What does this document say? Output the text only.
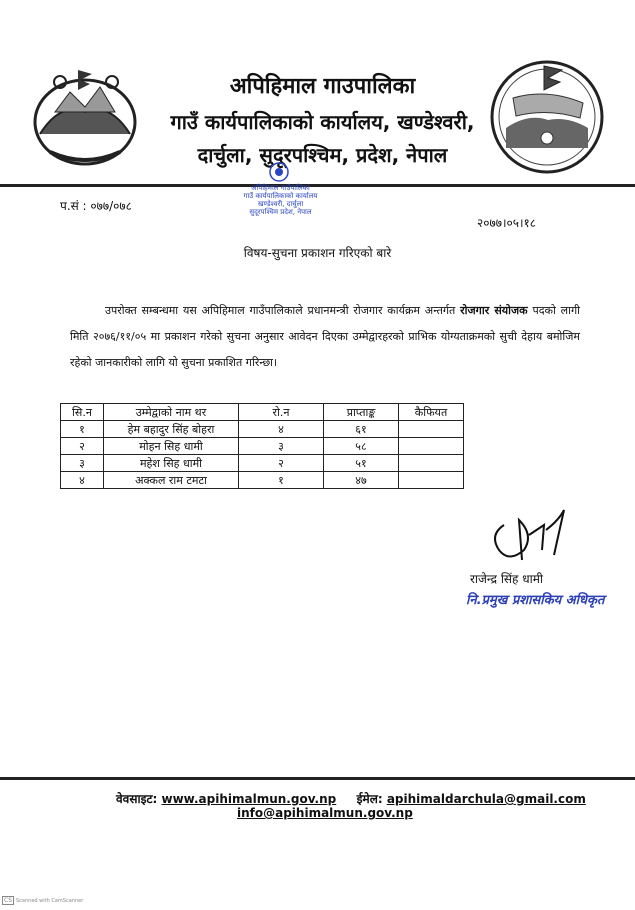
अपिहिमाल गाउपालिका
गाउँ कार्यपालिकाको कार्यालय, खण्डेश्वरी,
दार्चुला, सुदूरपश्चिम, प्रदेश, नेपाल
प.सं : ०७७/०७८
२०७७।०५।१८
अपिहिमाल गाउँपालिका
गाउँ कार्यपालिकाको कार्यालय
खण्डेश्वरी, दार्चुला
सुदूरपश्चिम प्रदेश, नेपाल
विषय-सुचना प्रकाशन गरिएको बारे
उपरोक्त सम्बन्धमा यस अपिहिमाल गाउँपालिकाले प्रधानमन्त्री रोजगार कार्यक्रम अन्तर्गत रोजगार संयोजक पदको लागी मिति २०७६/११/०५ मा प्रकाशन गरेको सुचना अनुसार आवेदन दिएका उम्मेद्वारहरको प्राभिक योग्यताक्रमको सुची देहाय बमोजिम रहेको जानकारीको लागि यो सुचना प्रकाशित गरिन्छा।
सि.न	उम्मेद्वाको नाम थर	रो.न	प्राप्ताङ्क	कैफियत
१	हेम बहादुर सिंह बोहरा	४	६१	
२	मोहन सिह धामी	३	५८	
३	महेश सिह धामी	२	५१	
४	अक्कल राम टमटा	१	४७	
राजेन्द्र सिंह धामी
नि.प्रमुख प्रशासकिय अधिकृत
वेवसाइट: www.apihimalmun.gov.np ईमेल: apihimaldarchula@gmail.com
info@apihimalmun.gov.np
CS Scanned with CamScanner
